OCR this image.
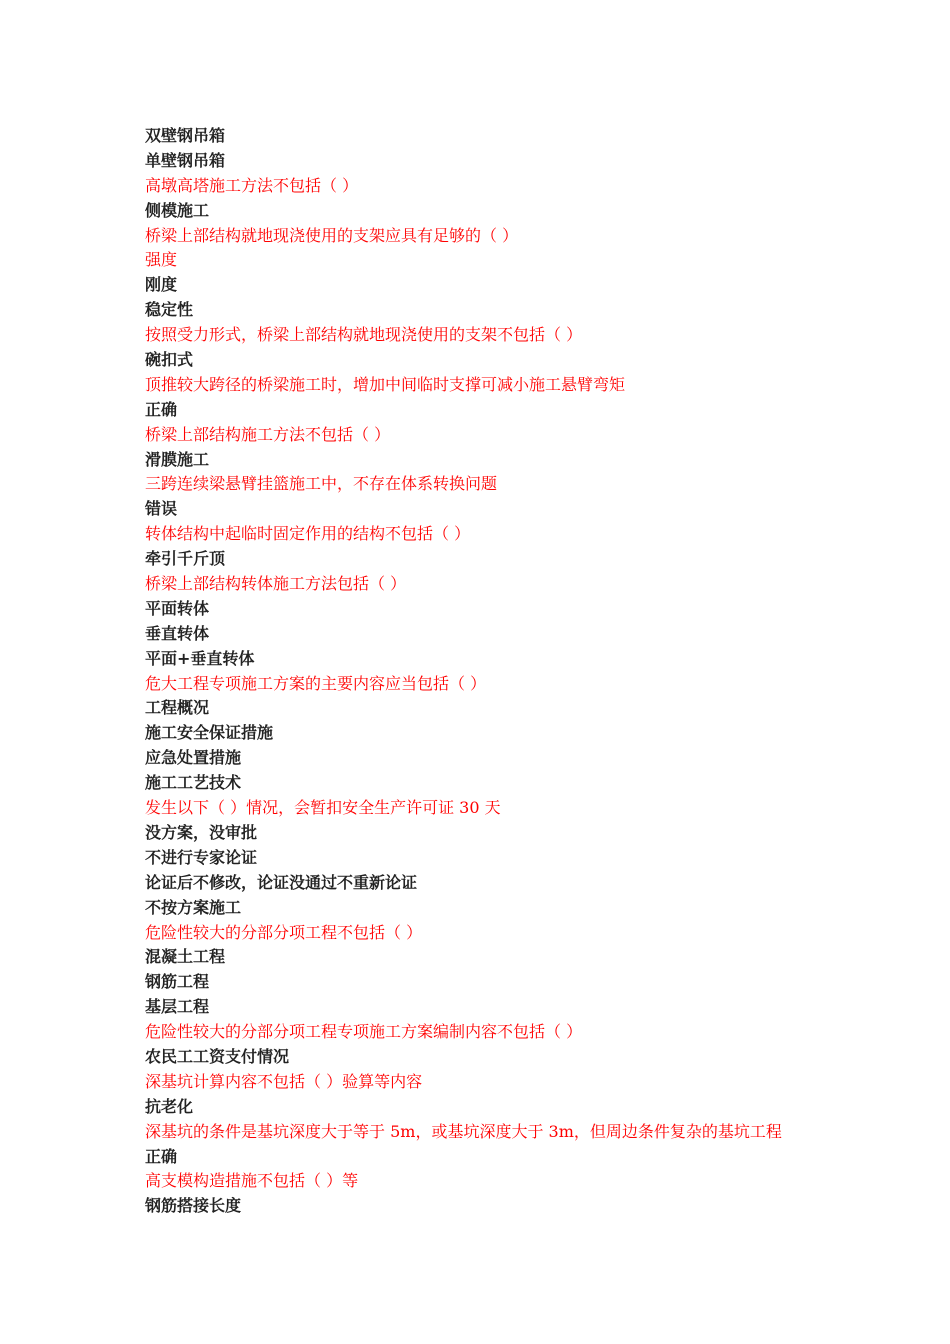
双壁钢吊箱
单壁钢吊箱
高墩高塔施工方法不包括（ ）
侧模施工
桥梁上部结构就地现浇使用的支架应具有足够的（ ）
强度
刚度
稳定性
按照受力形式，桥梁上部结构就地现浇使用的支架不包括（ ）
碗扣式
顶推较大跨径的桥梁施工时，增加中间临时支撑可减小施工悬臂弯矩
正确
桥梁上部结构施工方法不包括（ ）
滑膜施工
三跨连续梁悬臂挂篮施工中，不存在体系转换问题
错误
转体结构中起临时固定作用的结构不包括（ ）
牵引千斤顶
桥梁上部结构转体施工方法包括（ ）
平面转体
垂直转体
平面+垂直转体
危大工程专项施工方案的主要内容应当包括（ ）
工程概况
施工安全保证措施
应急处置措施
施工工艺技术
发生以下（ ）情况，会暂扣安全生产许可证 30 天
没方案，没审批
不进行专家论证
论证后不修改，论证没通过不重新论证
不按方案施工
危险性较大的分部分项工程不包括（ ）
混凝土工程
钢筋工程
基层工程
危险性较大的分部分项工程专项施工方案编制内容不包括（ ）
农民工工资支付情况
深基坑计算内容不包括（ ）验算等内容
抗老化
深基坑的条件是基坑深度大于等于 5m，或基坑深度大于 3m，但周边条件复杂的基坑工程
正确
高支模构造措施不包括（ ）等
钢筋搭接长度
